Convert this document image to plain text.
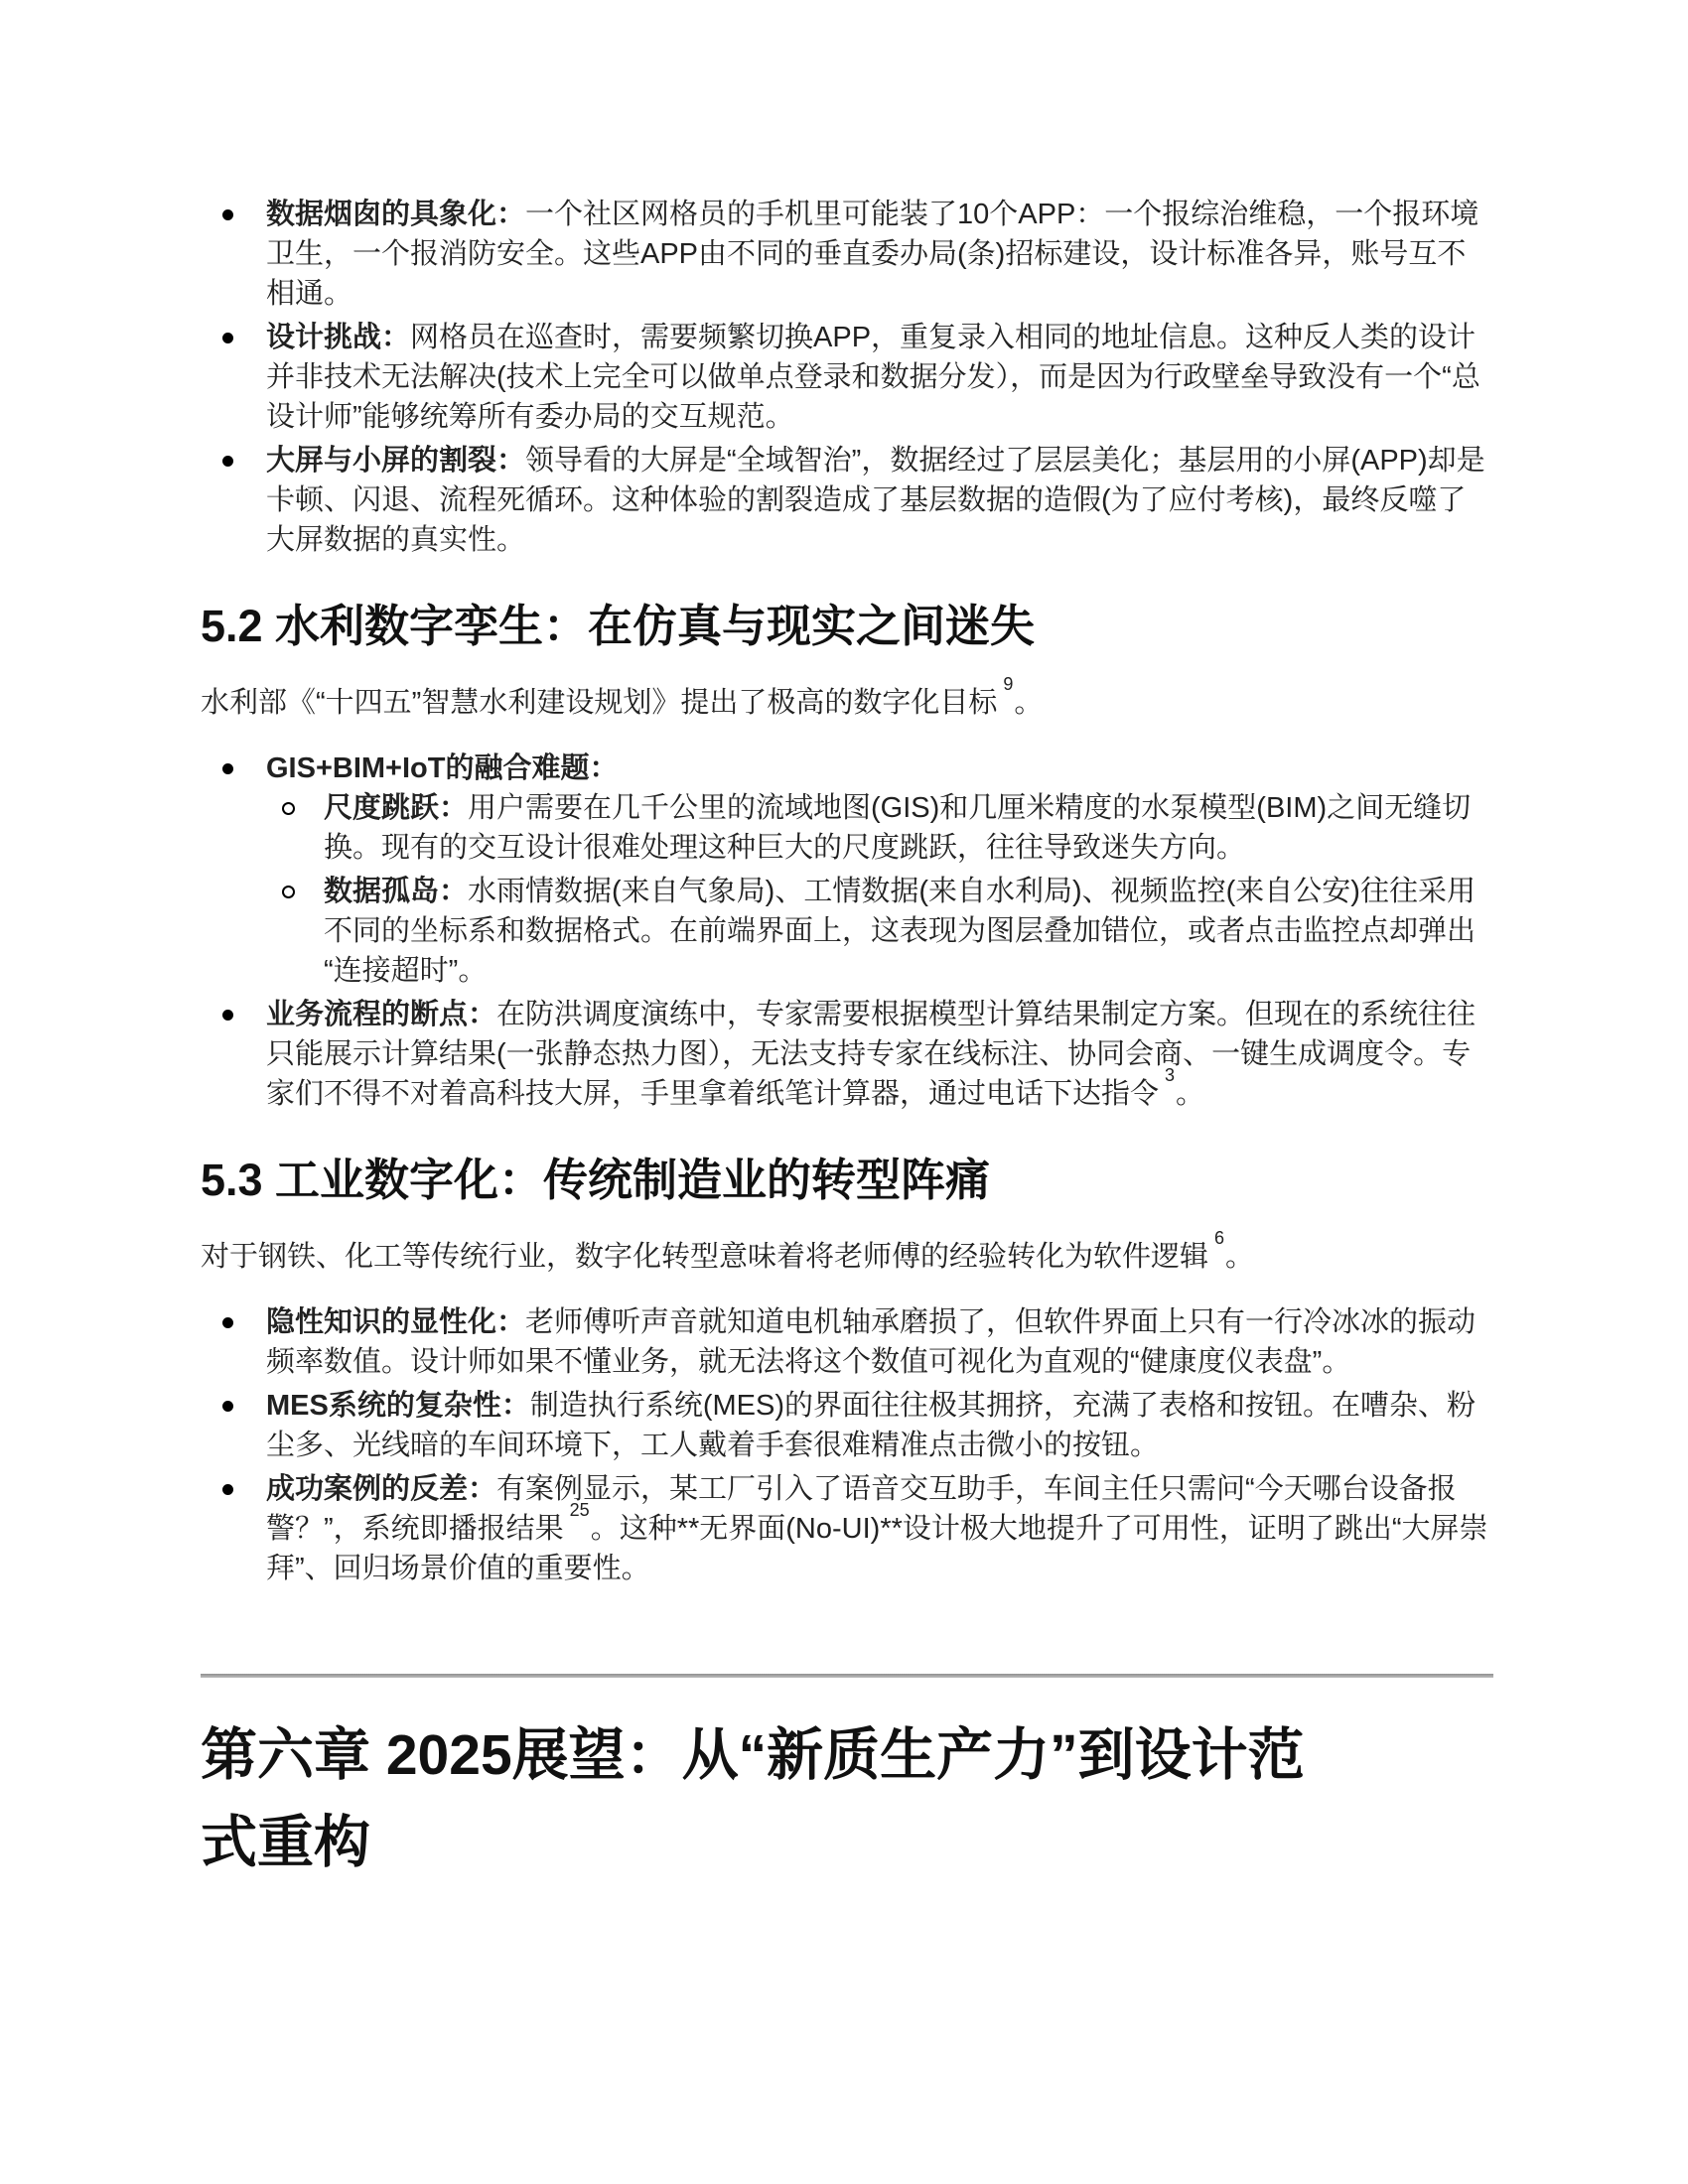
数据烟囱的具象化：一个社区网格员的手机里可能装了10个APP：一个报综治维稳，一个报环境卫生，一个报消防安全。这些APP由不同的垂直委办局(条)招标建设，设计标准各异，账号互不相通。
设计挑战：网格员在巡查时，需要频繁切换APP，重复录入相同的地址信息。这种反人类的设计并非技术无法解决(技术上完全可以做单点登录和数据分发），而是因为行政壁垒导致没有一个“总设计师”能够统筹所有委办局的交互规范。
大屏与小屏的割裂：领导看的大屏是“全域智治”，数据经过了层层美化；基层用的小屏(APP)却是卡顿、闪退、流程死循环。这种体验的割裂造成了基层数据的造假(为了应付考核)，最终反噬了大屏数据的真实性。
5.2 水利数字孪生：在仿真与现实之间迷失

水利部《“十四五”智慧水利建设规划》提出了极高的数字化目标$^9$。

GIS+BIM+IoT的融合难题：
尺度跳跃：用户需要在几千公里的流域地图(GIS)和几厘米精度的水泵模型(BIM)之间无缝切换。现有的交互设计很难处理这种巨大的尺度跳跃，往往导致迷失方向。
数据孤岛：水雨情数据(来自气象局)、工情数据(来自水利局)、视频监控(来自公安)往往采用不同的坐标系和数据格式。在前端界面上，这表现为图层叠加错位，或者点击监控点却弹出“连接超时”。
业务流程的断点：在防洪调度演练中，专家需要根据模型计算结果制定方案。但现在的系统往往只能展示计算结果(一张静态热力图），无法支持专家在线标注、协同会商、一键生成调度令。专家们不得不对着高科技大屏，手里拿着纸笔计算器，通过电话下达指令$^3$。
5.3 工业数字化：传统制造业的转型阵痛

对于钢铁、化工等传统行业，数字化转型意味着将老师傅的经验转化为软件逻辑$^6$。

隐性知识的显性化：老师傅听声音就知道电机轴承磨损了，但软件界面上只有一行冷冰冰的振动频率数值。设计师如果不懂业务，就无法将这个数值可视化为直观的“健康度仪表盘”。
MES系统的复杂性：制造执行系统(MES)的界面往往极其拥挤，充满了表格和按钮。在嘈杂、粉尘多、光线暗的车间环境下，工人戴着手套很难精准点击微小的按钮。
成功案例的反差：有案例显示，某工厂引入了语音交互助手，车间主任只需问“今天哪台设备报警？”，系统即播报结果$^{25}$。这种**无界面(No-UI)**设计极大地提升了可用性，证明了跳出“大屏崇拜”、回归场景价值的重要性。
第六章 2025展望：从“新质生产力”到设计范
式重构
